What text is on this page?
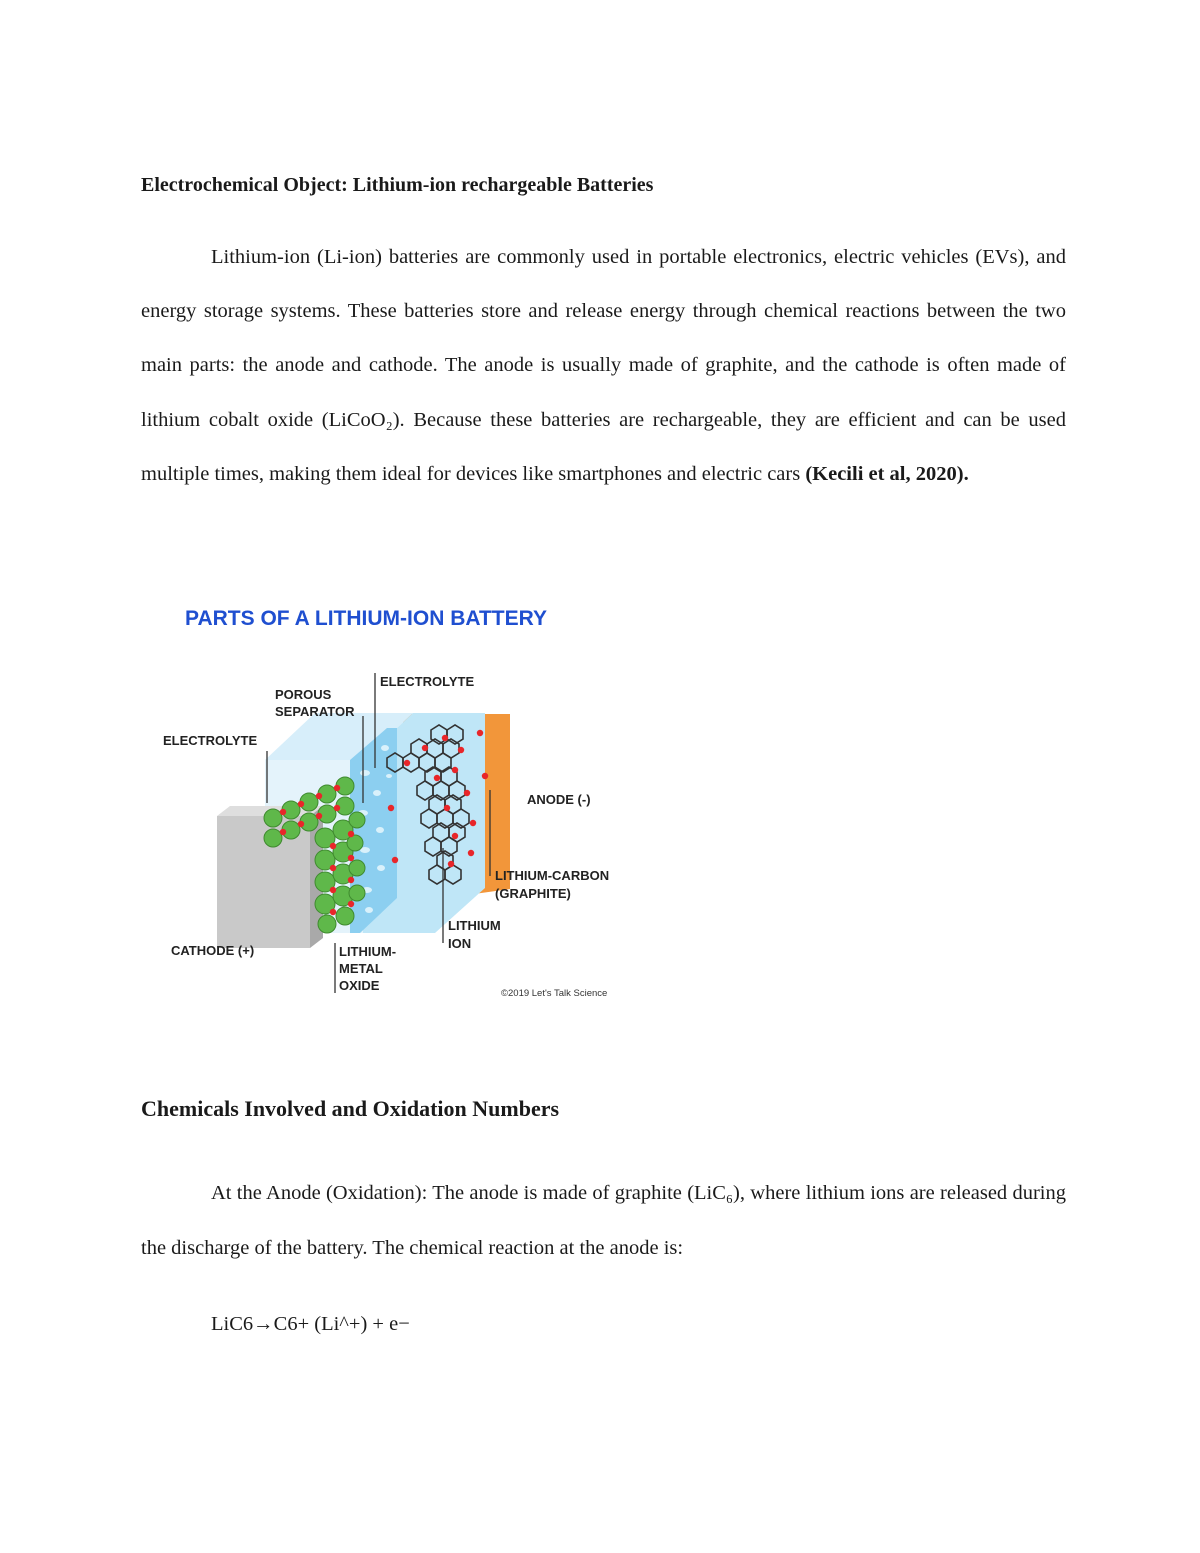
Electrochemical Object: Lithium-ion rechargeable Batteries

Lithium-ion (Li-ion) batteries are commonly used in portable electronics, electric vehicles (EVs), and energy storage systems. These batteries store and release energy through chemical reactions between the two main parts: the anode and cathode. The anode is usually made of graphite, and the cathode is often made of lithium cobalt oxide (LiCoO₂). Because these batteries are rechargeable, they are efficient and can be used multiple times, making them ideal for devices like smartphones and electric cars (Kecili et al, 2020).

PARTS OF A LITHIUM-ION BATTERY
ELECTROLYTE
POROUS
SEPARATOR
ELECTROLYTE
ANODE (-)
LITHIUM-CARBON
(GRAPHITE)
LITHIUM
ION
CATHODE (+)	LITHIUM-
METAL
OXIDE
©2019 Let's Talk Science
Chemicals Involved and Oxidation Numbers

At the Anode (Oxidation): The anode is made of graphite (LiC₆), where lithium ions are released during the discharge of the battery. The chemical reaction at the anode is:

LiC6→C6+ (Li^+) + e−
